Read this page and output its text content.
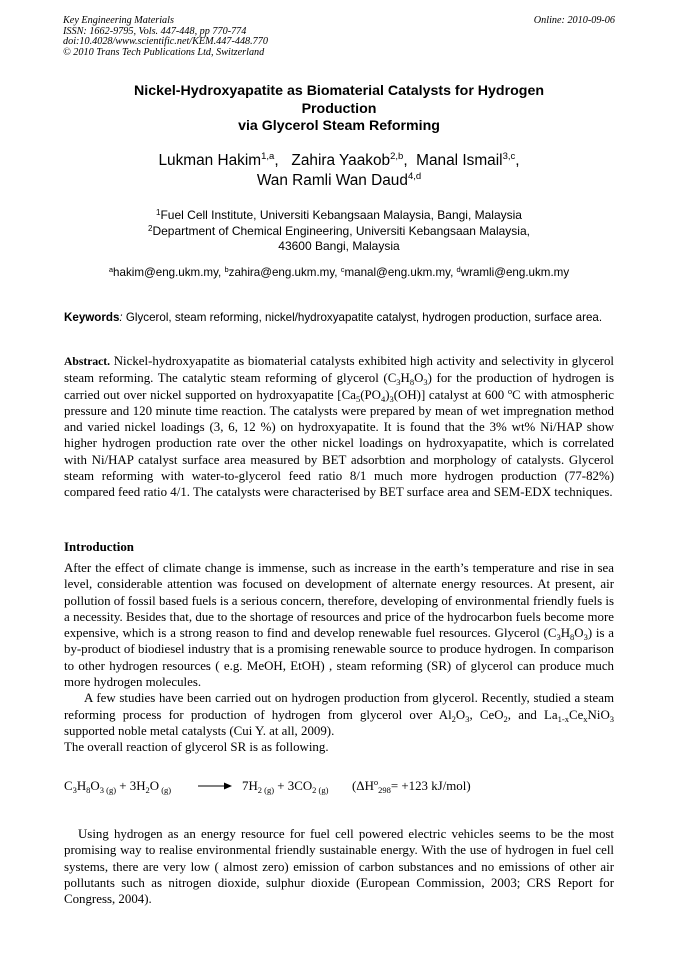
Key Engineering Materials
ISSN: 1662-9795, Vols. 447-448, pp 770-774
doi:10.4028/www.scientific.net/KEM.447-448.770
© 2010 Trans Tech Publications Ltd, Switzerland
Online: 2010-09-06
Nickel-Hydroxyapatite as Biomaterial Catalysts for Hydrogen
Production
via Glycerol Steam Reforming
Lukman Hakim$^{1,a}$,   Zahira Yaakob$^{2,b}$,  Manal Ismail$^{3,c}$,
Wan Ramli Wan Daud$^{4,d}$
$^1$Fuel Cell Institute, Universiti Kebangsaan Malaysia, Bangi, Malaysia
$^2$Department of Chemical Engineering, Universiti Kebangsaan Malaysia,
43600 Bangi, Malaysia
$^a$hakim@eng.ukm.my, $^b$zahira@eng.ukm.my, $^c$manal@eng.ukm.my, $^d$wramli@eng.ukm.my
Keywords: Glycerol, steam reforming, nickel/hydroxyapatite catalyst, hydrogen production, surface area.
Abstract. Nickel-hydroxyapatite as biomaterial catalysts exhibited high activity and selectivity in glycerol steam reforming. The catalytic steam reforming of glycerol $(C_3H_8O_3)$ for the production of hydrogen is carried out over nickel supported on hydroxyapatite $[Ca_5(PO_4)_3(OH)]$ catalyst at 600 $^o$C with atmospheric pressure and 120 minute time reaction. The catalysts were prepared by mean of wet impregnation method and varied nickel loadings (3, 6, 12 %) on hydroxyapatite. It is found that the 3% wt% Ni/HAP show higher hydrogen production rate over the other nickel loadings on hydroxyapatite, which is correlated with Ni/HAP catalyst surface area measured by BET adsorbtion and morphology of catalysts. Glycerol steam reforming with water-to-glycerol feed ratio 8/1 much more hydrogen production (77-82%) compared feed ratio 4/1. The catalysts were characterised by BET surface area and SEM-EDX techniques.
Introduction
After the effect of climate change is immense, such as increase in the earth’s temperature and rise in sea level, considerable attention was focused on development of alternate energy resources. At present, air pollution of fossil based fuels is a serious concern, therefore, developing of environmental friendly fuels is a necessity. Besides that, due to the shortage of resources and price of the hydrocarbon fuels become more expensive, which is a strong reason to find and develop renewable fuel resources. Glycerol $(C_3H_8O_3)$ is a by-product of biodiesel industry that is a promising renewable source to produce hydrogen. In comparison to other hydrogen resources ( e.g. MeOH, EtOH) , steam reforming (SR) of glycerol can produce much more hydrogen molecules.
A few studies have been carried out on hydrogen production from glycerol. Recently, studied a steam reforming process for production of hydrogen from glycerol over $Al_2O_3$, CeO$_2$, and $La_{1-x}Ce_xNiO_3$ supported noble metal catalysts (Cui Y. at all, 2009).
The overall reaction of glycerol SR is as following.
$C_3H_8O_3$ $_{(g)} + 3H_2O$ $_{(g)} \to 7H_2$ $_{(g)} + 3CO_2$ $_{(g)}$ ($\Delta H^o_{298}= +123$ kJ/mol)
Using hydrogen as an energy resource for fuel cell powered electric vehicles seems to be the most promising way to realise environmental friendly sustainable energy. With the use of hydrogen in fuel cell systems, there are very low ( almost zero) emission of carbon substances and no emissions of other air pollutants such as nitrogen dioxide, sulphur dioxide (European Commission, 2003; CRS Report for Congress, 2004).
